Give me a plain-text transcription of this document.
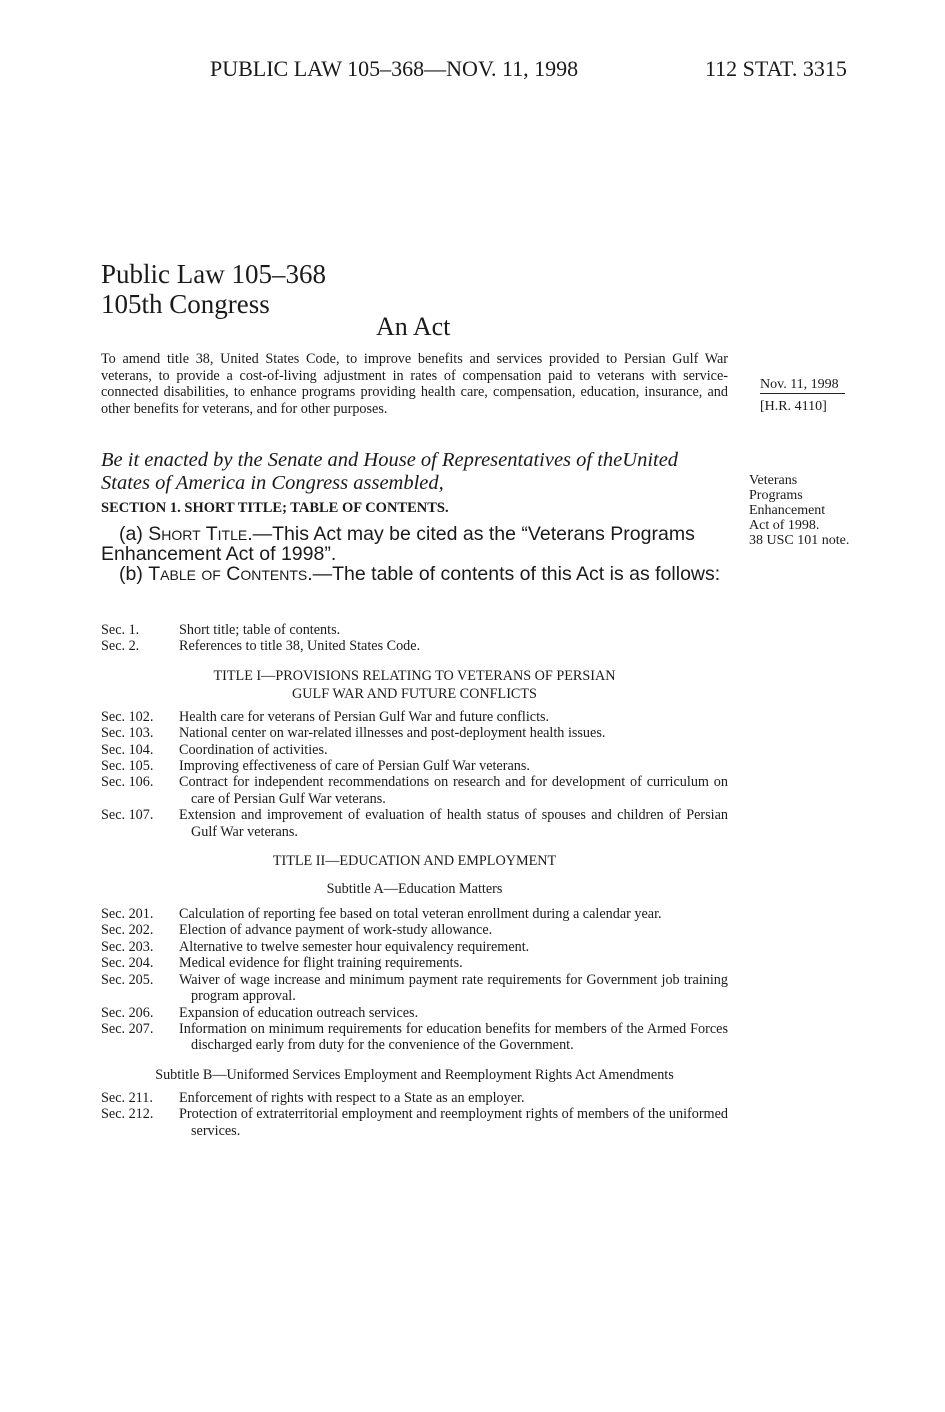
PUBLIC LAW 105–368—NOV. 11, 1998	112 STAT. 3315
Public Law 105–368
105th Congress
An Act
To amend title 38, United States Code, to improve benefits and services provided to Persian Gulf War veterans, to provide a cost-of-living adjustment in rates of compensation paid to veterans with service-connected disabilities, to enhance programs providing health care, compensation, education, insurance, and other benefits for veterans, and for other purposes.
Nov. 11, 1998
[H.R. 4110]
Be it enacted by the Senate and House of Representatives of theUnited States of America in Congress assembled,
SECTION 1. SHORT TITLE; TABLE OF CONTENTS.
(a) Short Title.—This Act may be cited as the “Veterans Programs Enhancement Act of 1998”.
(b) Table of Contents.—The table of contents of this Act is as follows:
Veterans
Programs
Enhancement
Act of 1998.
38 USC 101 note.
Sec. 1.	Short title; table of contents.
Sec. 2.	References to title 38, United States Code.
TITLE I—PROVISIONS RELATING TO VETERANS OF PERSIAN GULF WAR AND FUTURE CONFLICTS
Sec. 102.	Health care for veterans of Persian Gulf War and future conflicts.
Sec. 103.	National center on war-related illnesses and post-deployment health issues.
Sec. 104.	Coordination of activities.
Sec. 105.	Improving effectiveness of care of Persian Gulf War veterans.
Sec. 106.	Contract for independent recommendations on research and for development of curriculum on care of Persian Gulf War veterans.
Sec. 107.	Extension and improvement of evaluation of health status of spouses and children of Persian Gulf War veterans.
TITLE II—EDUCATION AND EMPLOYMENT
Subtitle A—Education Matters
Sec. 201.	Calculation of reporting fee based on total veteran enrollment during a calendar year.
Sec. 202.	Election of advance payment of work-study allowance.
Sec. 203.	Alternative to twelve semester hour equivalency requirement.
Sec. 204.	Medical evidence for flight training requirements.
Sec. 205.	Waiver of wage increase and minimum payment rate requirements for Government job training program approval.
Sec. 206.	Expansion of education outreach services.
Sec. 207.	Information on minimum requirements for education benefits for members of the Armed Forces discharged early from duty for the convenience of the Government.
Subtitle B—Uniformed Services Employment and Reemployment Rights Act Amendments
Sec. 211.	Enforcement of rights with respect to a State as an employer.
Sec. 212.	Protection of extraterritorial employment and reemployment rights of members of the uniformed services.
